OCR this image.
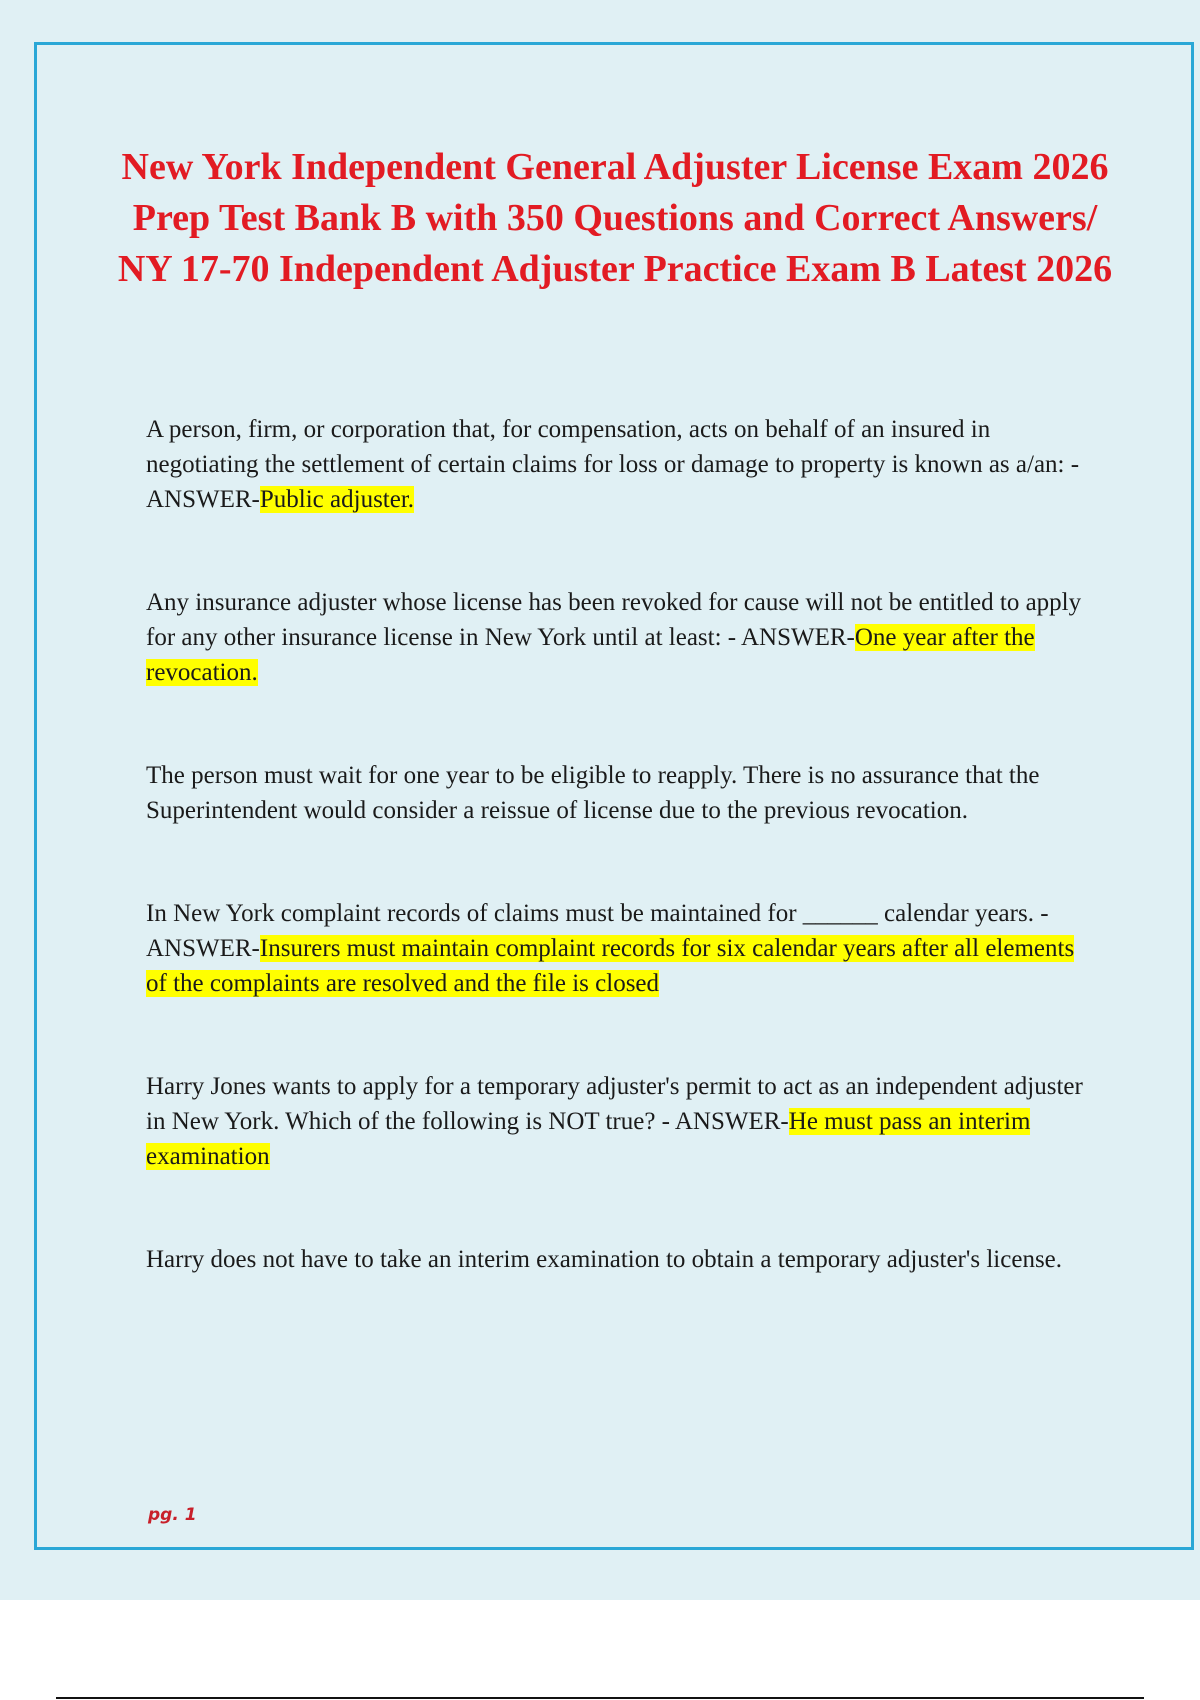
New York Independent General Adjuster License Exam 2026 Prep Test Bank B with 350 Questions and Correct Answers/ NY 17-70 Independent Adjuster Practice Exam B Latest 2026

A person, firm, or corporation that, for compensation, acts on behalf of an insured in negotiating the settlement of certain claims for loss or damage to property is known as a/an: - ANSWER-Public adjuster.

Any insurance adjuster whose license has been revoked for cause will not be entitled to apply for any other insurance license in New York until at least: - ANSWER-One year after the revocation.

The person must wait for one year to be eligible to reapply. There is no assurance that the Superintendent would consider a reissue of license due to the previous revocation.

In New York complaint records of claims must be maintained for ______ calendar years. - ANSWER-Insurers must maintain complaint records for six calendar years after all elements of the complaints are resolved and the file is closed

Harry Jones wants to apply for a temporary adjuster's permit to act as an independent adjuster in New York. Which of the following is NOT true? - ANSWER-He must pass an interim examination

Harry does not have to take an interim examination to obtain a temporary adjuster's license.

pg. 1
